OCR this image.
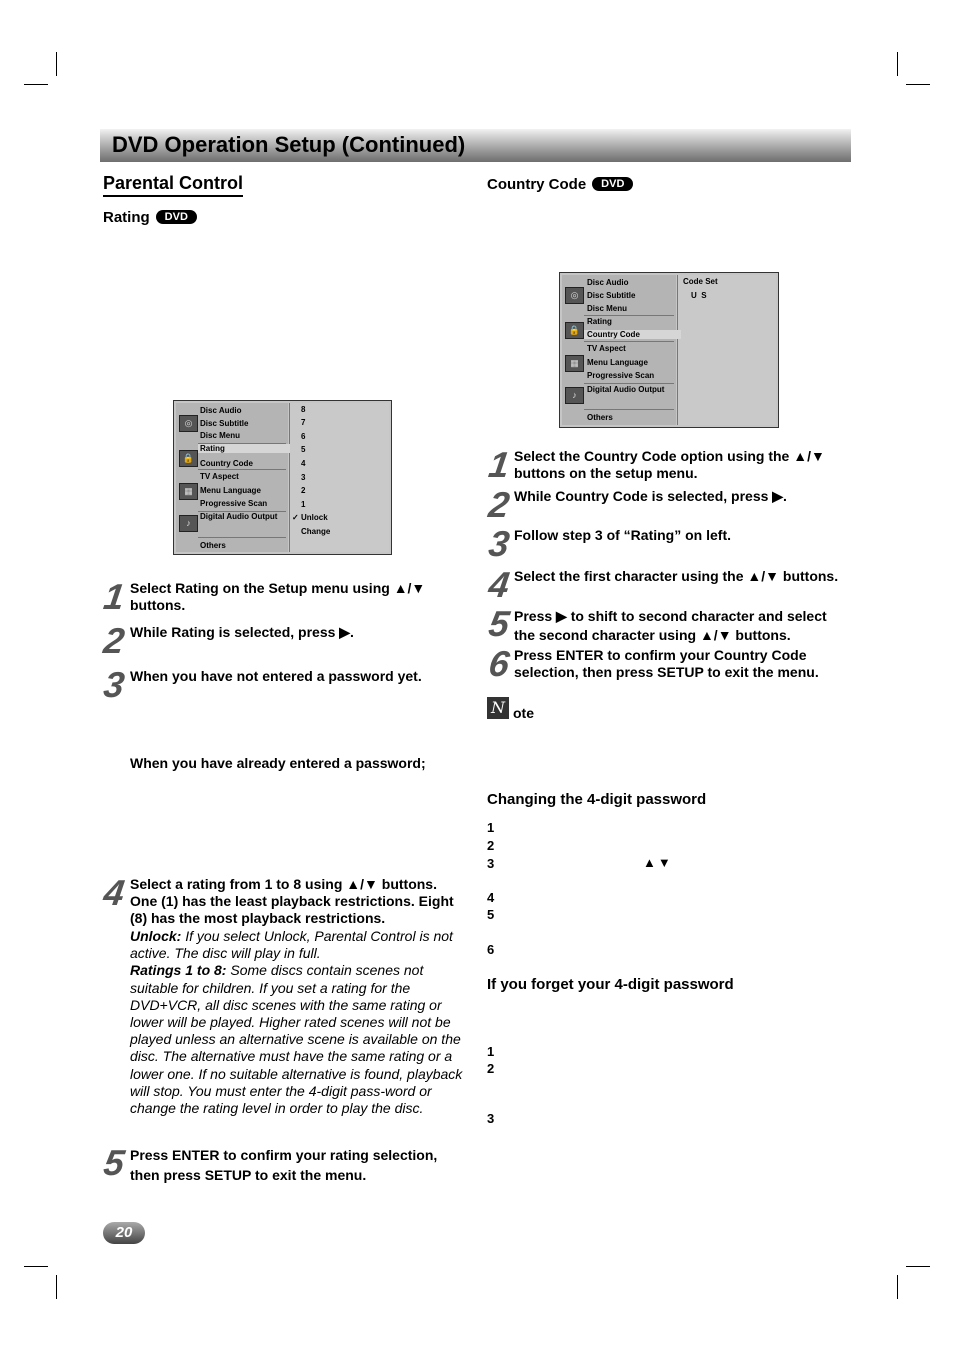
DVD Operation Setup (Continued)
Parental Control
Rating DVD
◎
🔒
▦
♪
Disc Audio
Disc Subtitle
Disc Menu
Rating
Country Code
TV Aspect
Menu Language
Progressive Scan
Digital Audio Output
Others
8
7
6
5
4
3
2
1
✓ Unlock
Change
1 Select Rating on the Setup menu using ▲/▼ buttons.
2 While Rating is selected, press ▶.
3 When you have not entered a password yet.
When you have already entered a password;
4 Select a rating from 1 to 8 using ▲/▼ buttons. One (1) has the least playback restrictions. Eight (8) has the most playback restrictions.
Unlock: If you select Unlock, Parental Control is not active. The disc will play in full.
Ratings 1 to 8: Some discs contain scenes not suitable for children. If you set a rating for the DVD+VCR, all disc scenes with the same rating or lower will be played. Higher rated scenes will not be played unless an alternative scene is available on the disc. The alternative must have the same rating or a lower one. If no suitable alternative is found, playback will stop. You must enter the 4-digit pass-word or change the rating level in order to play the disc.
5 Press ENTER to confirm your rating selection, then press SETUP to exit the menu.
Country Code DVD
◎
🔒
▦
♪
Disc Audio
Disc Subtitle
Disc Menu
Rating
Country Code
TV Aspect
Menu Language
Progressive Scan
Digital Audio Output
Others
Code Set
U  S
1 Select the Country Code option using the ▲/▼ buttons on the setup menu.
2 While Country Code is selected, press ▶.
3 Follow step 3 of “Rating” on left.
4 Select the first character using the ▲/▼ buttons.
5 Press ▶ to shift to second character and select the second character using ▲/▼ buttons.
6 Press ENTER to confirm your Country Code selection, then press SETUP to exit the menu.
N ote
Changing the 4-digit password
1
2
3	▲▼
4
5
6
If you forget your 4-digit password
1
2
3
20
